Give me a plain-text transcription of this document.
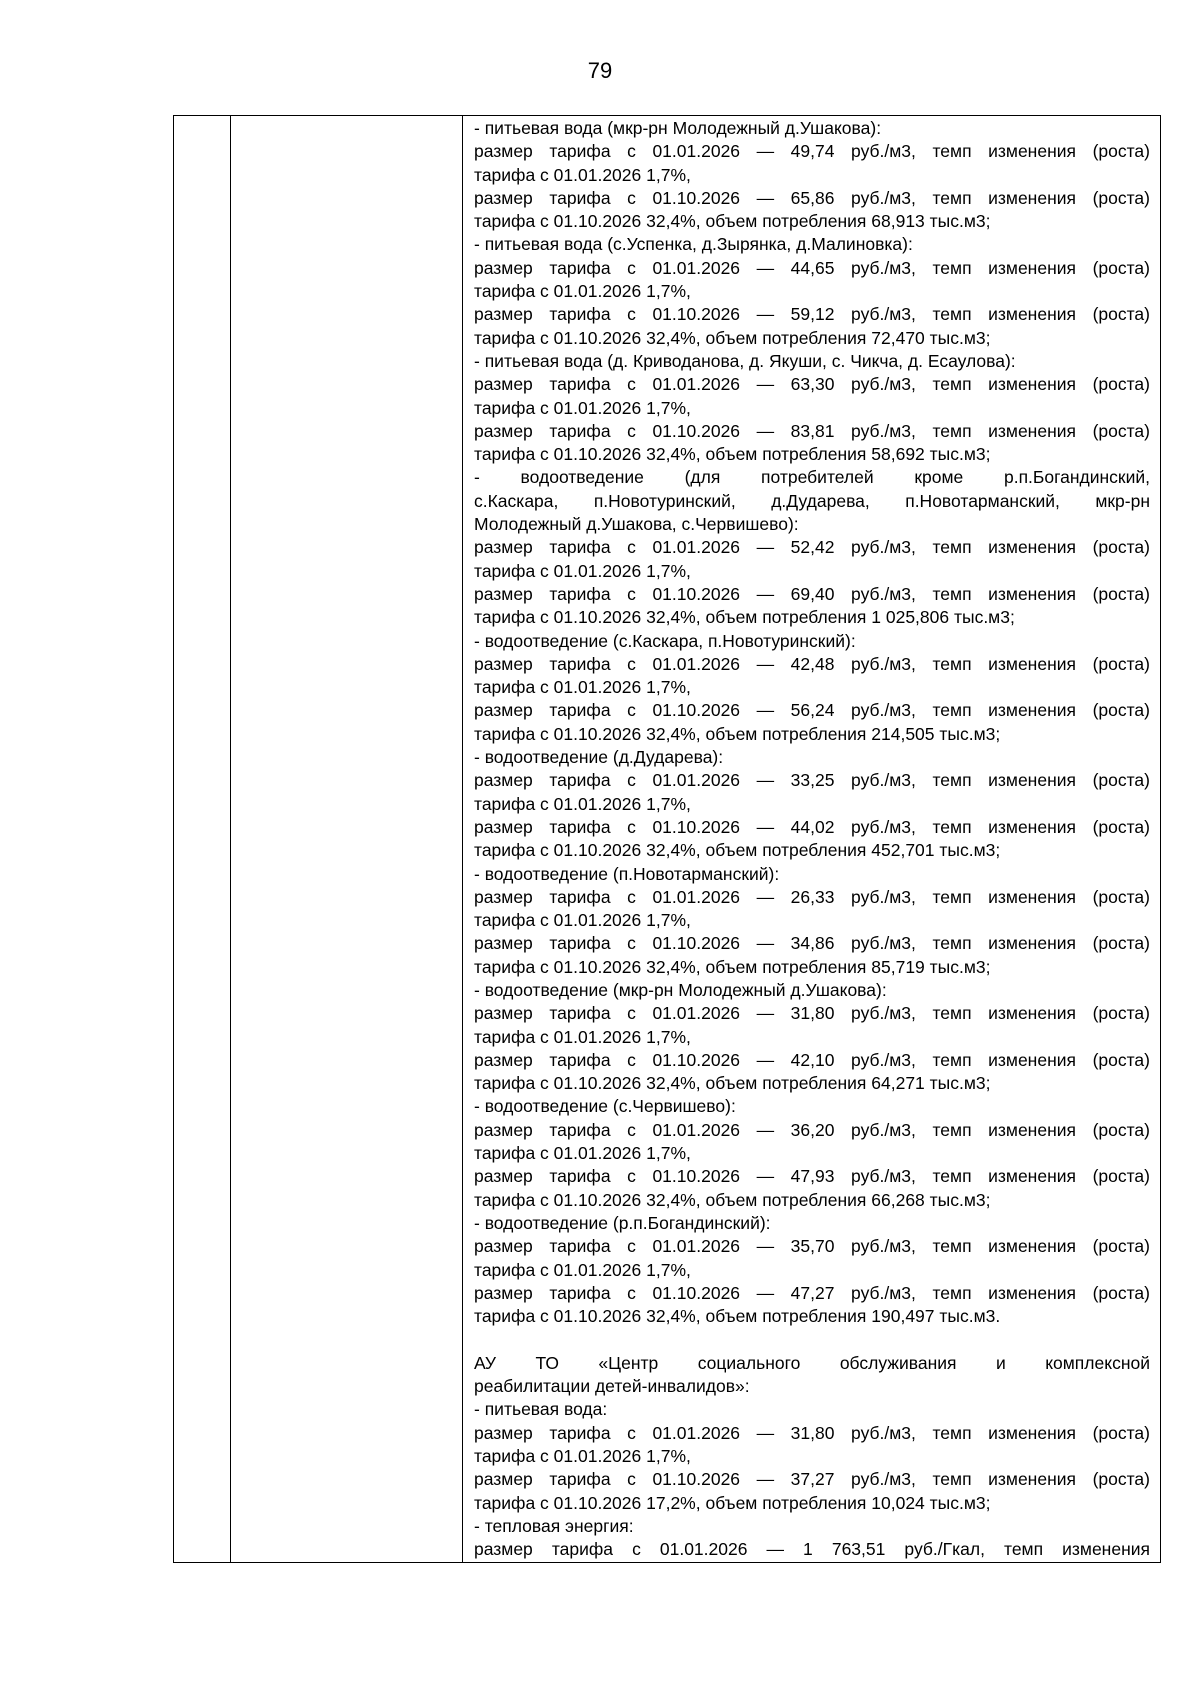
79
- питьевая вода (мкр-рн Молодежный д.Ушакова):
размер тарифа с 01.01.2026 — 49,74 руб./м3, темп изменения (роста)
тарифа с 01.01.2026 1,7%,
размер тарифа с 01.10.2026 — 65,86 руб./м3, темп изменения (роста)
тарифа с 01.10.2026 32,4%, объем потребления 68,913 тыс.м3;
- питьевая вода (с.Успенка, д.Зырянка, д.Малиновка):
размер тарифа с 01.01.2026 — 44,65 руб./м3, темп изменения (роста)
тарифа с 01.01.2026 1,7%,
размер тарифа с 01.10.2026 — 59,12 руб./м3, темп изменения (роста)
тарифа с 01.10.2026 32,4%, объем потребления 72,470 тыс.м3;
- питьевая вода (д. Криводанова, д. Якуши, с. Чикча, д. Есаулова):
размер тарифа с 01.01.2026 — 63,30 руб./м3, темп изменения (роста)
тарифа с 01.01.2026 1,7%,
размер тарифа с 01.10.2026 — 83,81 руб./м3, темп изменения (роста)
тарифа с 01.10.2026 32,4%, объем потребления 58,692 тыс.м3;
- водоотведение (для потребителей кроме р.п.Богандинский,
с.Каскара, п.Новотуринский, д.Дударева, п.Новотарманский, мкр-рн
Молодежный д.Ушакова, с.Червишево):
размер тарифа с 01.01.2026 — 52,42 руб./м3, темп изменения (роста)
тарифа с 01.01.2026 1,7%,
размер тарифа с 01.10.2026 — 69,40 руб./м3, темп изменения (роста)
тарифа с 01.10.2026 32,4%, объем потребления 1 025,806 тыс.м3;
- водоотведение (с.Каскара, п.Новотуринский):
размер тарифа с 01.01.2026 — 42,48 руб./м3, темп изменения (роста)
тарифа с 01.01.2026 1,7%,
размер тарифа с 01.10.2026 — 56,24 руб./м3, темп изменения (роста)
тарифа с 01.10.2026 32,4%, объем потребления 214,505 тыс.м3;
- водоотведение (д.Дударева):
размер тарифа с 01.01.2026 — 33,25 руб./м3, темп изменения (роста)
тарифа с 01.01.2026 1,7%,
размер тарифа с 01.10.2026 — 44,02 руб./м3, темп изменения (роста)
тарифа с 01.10.2026 32,4%, объем потребления 452,701 тыс.м3;
- водоотведение (п.Новотарманский):
размер тарифа с 01.01.2026 — 26,33 руб./м3, темп изменения (роста)
тарифа с 01.01.2026 1,7%,
размер тарифа с 01.10.2026 — 34,86 руб./м3, темп изменения (роста)
тарифа с 01.10.2026 32,4%, объем потребления 85,719 тыс.м3;
- водоотведение (мкр-рн Молодежный д.Ушакова):
размер тарифа с 01.01.2026 — 31,80 руб./м3, темп изменения (роста)
тарифа с 01.01.2026 1,7%,
размер тарифа с 01.10.2026 — 42,10 руб./м3, темп изменения (роста)
тарифа с 01.10.2026 32,4%, объем потребления 64,271 тыс.м3;
- водоотведение (с.Червишево):
размер тарифа с 01.01.2026 — 36,20 руб./м3, темп изменения (роста)
тарифа с 01.01.2026 1,7%,
размер тарифа с 01.10.2026 — 47,93 руб./м3, темп изменения (роста)
тарифа с 01.10.2026 32,4%, объем потребления 66,268 тыс.м3;
- водоотведение (р.п.Богандинский):
размер тарифа с 01.01.2026 — 35,70 руб./м3, темп изменения (роста)
тарифа с 01.01.2026 1,7%,
размер тарифа с 01.10.2026 — 47,27 руб./м3, темп изменения (роста)
тарифа с 01.10.2026 32,4%, объем потребления 190,497 тыс.м3.
АУ ТО «Центр социального обслуживания и комплексной
реабилитации детей-инвалидов»:
- питьевая вода:
размер тарифа с 01.01.2026 — 31,80 руб./м3, темп изменения (роста)
тарифа с 01.01.2026 1,7%,
размер тарифа с 01.10.2026 — 37,27 руб./м3, темп изменения (роста)
тарифа с 01.10.2026 17,2%, объем потребления 10,024 тыс.м3;
- тепловая энергия:
размер тарифа с 01.01.2026 — 1 763,51 руб./Гкал, темп изменения
